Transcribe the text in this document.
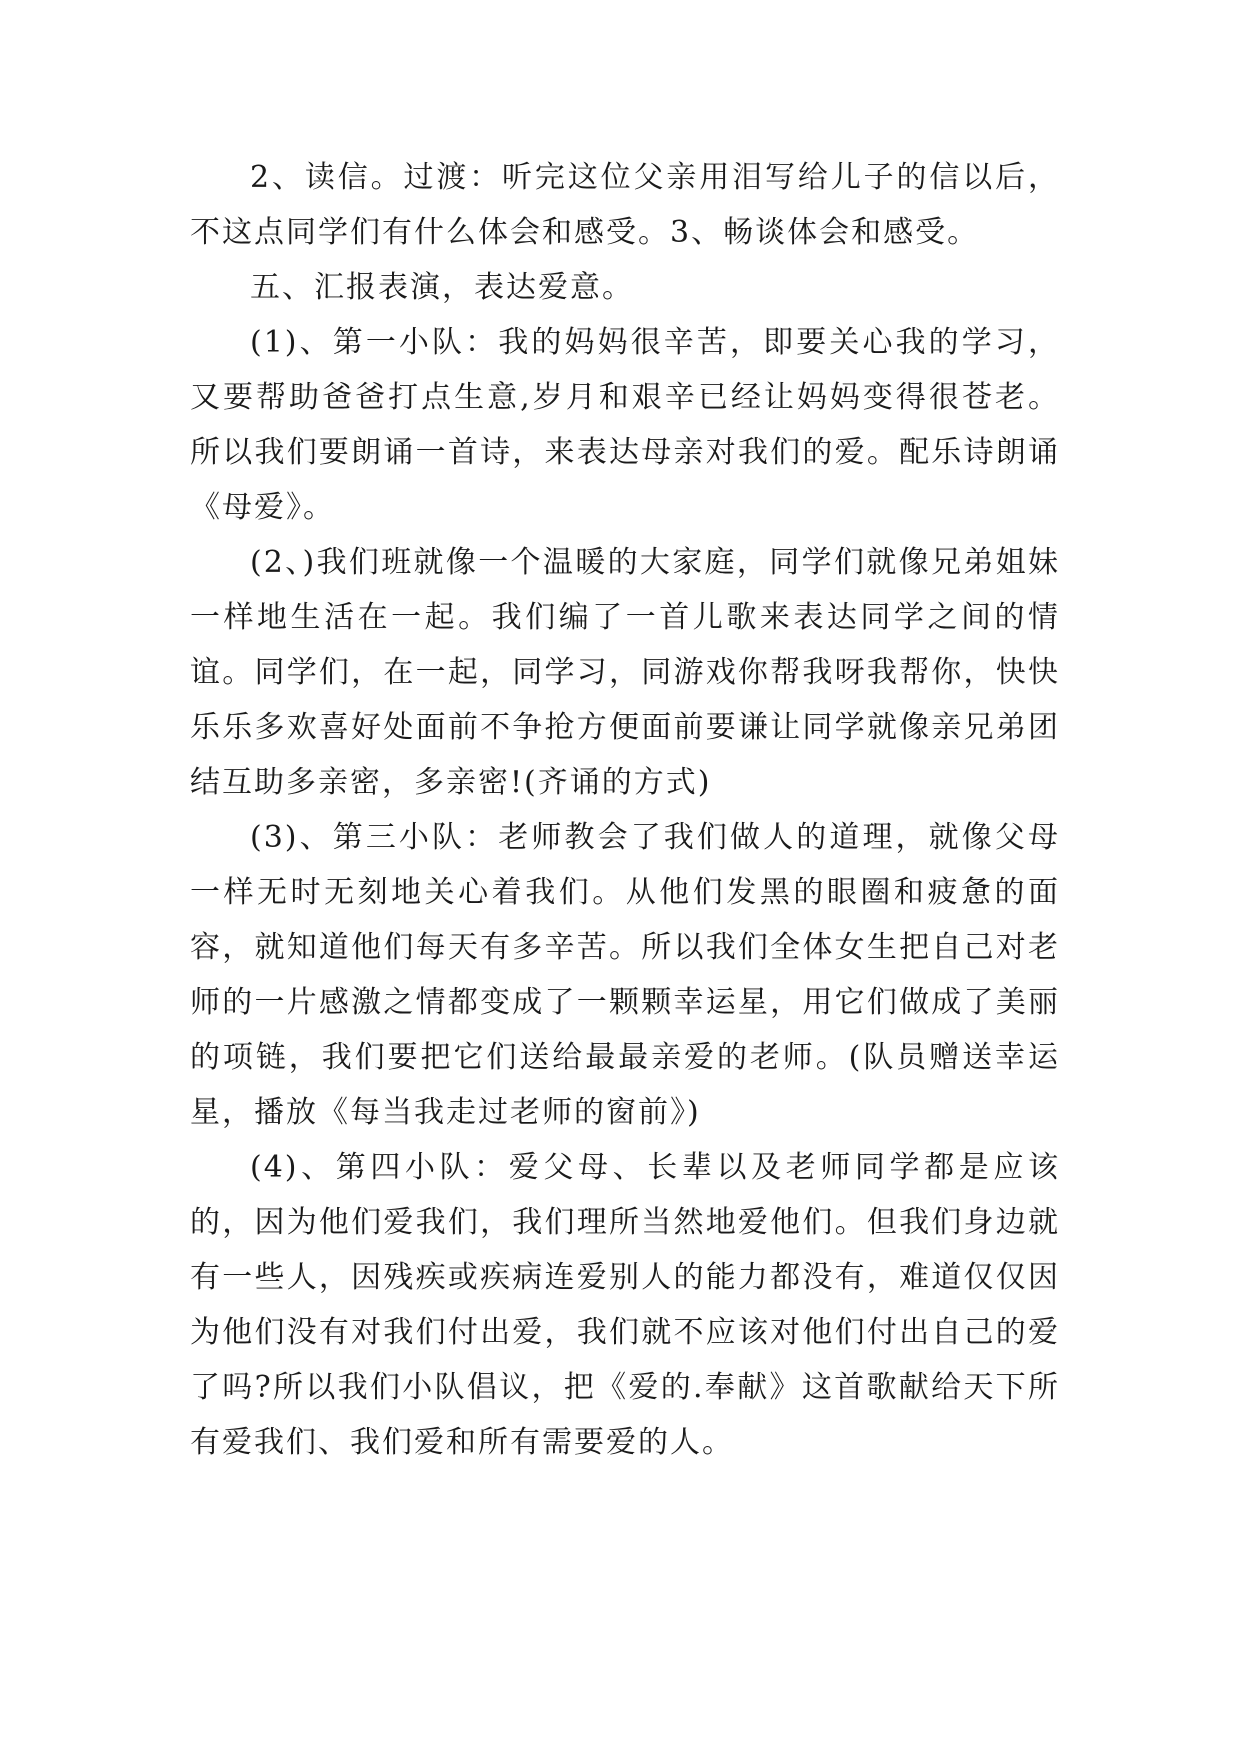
2、读信。过渡：听完这位父亲用泪写给儿子的信以后，不这点同学们有什么体会和感受。3、畅谈体会和感受。

五、汇报表演，表达爱意。

(1)、第一小队：我的妈妈很辛苦，即要关心我的学习，又要帮助爸爸打点生意,岁月和艰辛已经让妈妈变得很苍老。所以我们要朗诵一首诗，来表达母亲对我们的爱。配乐诗朗诵《母爱》。

(2、)我们班就像一个温暖的大家庭，同学们就像兄弟姐妹一样地生活在一起。我们编了一首儿歌来表达同学之间的情谊。同学们，在一起，同学习，同游戏你帮我呀我帮你，快快乐乐多欢喜好处面前不争抢方便面前要谦让同学就像亲兄弟团结互助多亲密，多亲密!(齐诵的方式)

(3)、第三小队：老师教会了我们做人的道理，就像父母一样无时无刻地关心着我们。从他们发黑的眼圈和疲惫的面容，就知道他们每天有多辛苦。所以我们全体女生把自己对老师的一片感激之情都变成了一颗颗幸运星，用它们做成了美丽的项链，我们要把它们送给最最亲爱的老师。(队员赠送幸运星，播放《每当我走过老师的窗前》)

(4)、第四小队：爱父母、长辈以及老师同学都是应该的，因为他们爱我们，我们理所当然地爱他们。但我们身边就有一些人，因残疾或疾病连爱别人的能力都没有，难道仅仅因为他们没有对我们付出爱，我们就不应该对他们付出自己的爱了吗?所以我们小队倡议，把《爱的.奉献》这首歌献给天下所有爱我们、我们爱和所有需要爱的人。
